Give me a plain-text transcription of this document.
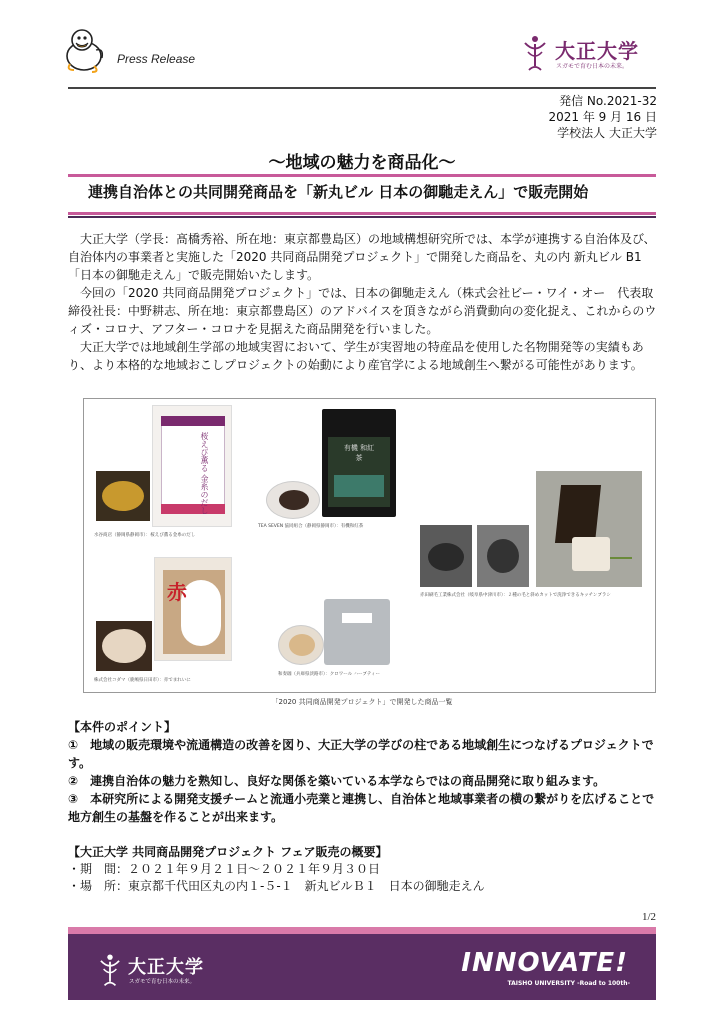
Press Release	大正大学
スガモで育む日本の未来。
発信 No.2021-32
2021 年 9 月 16 日
学校法人 大正大学
～地域の魅力を商品化～
連携自治体との共同開発商品を「新丸ビル 日本の御馳走えん」で販売開始

大正大学（学長：髙橋秀裕、所在地：東京都豊島区）の地域構想研究所では、本学が連携する自治体及び、自治体内の事業者と実施した「2020 共同商品開発プロジェクト」で開発した商品を、丸の内 新丸ビル B1「日本の御馳走えん」で販売開始いたします。

今回の「2020 共同商品開発プロジェクト」では、日本の御馳走えん（株式会社ビー・ワイ・オー　代表取締役社長：中野耕志、所在地：東京都豊島区）のアドバイスを頂きながら消費動向の変化捉え、これからのウィズ・コロナ、アフター・コロナを見据えた商品開発を行いました。

大正大学では地域創生学部の地域実習において、学生が実習地の特産品を使用した名物開発等の実績もあり、より本格的な地域おこしプロジェクトの始動により産官学による地域創生へ繋がる可能性があります。

桜えび薫る 金糸のだし
水谷商店（静岡県静岡市）：桜えび薫る金糸のだし
有機 和紅茶
TEA SEVEN 協同組合（静岡県静岡市）：有機和紅茶
赤田刷毛工業株式会社（岐阜県中津川市）：２種の毛と斜めカットで洗浄できるキッチンブラシ
赤
株式会社コダマ（鹿嶋県日田市）：赤でまれいに
和奏珈（兵庫県淡路市）：クロワール ハーブティー
「2020 共同商品開発プロジェクト」で開発した商品一覧
【本件のポイント】
①　地域の販売環境や流通構造の改善を図り、大正大学の学びの柱である地域創生につなげるプロジェクトです。
②　連携自治体の魅力を熟知し、良好な関係を築いている本学ならではの商品開発に取り組みます。
③　本研究所による開発支援チームと流通小売業と連携し、自治体と地域事業者の横の繋がりを広げることで地方創生の基盤を作ることが出来ます。
【大正大学 共同商品開発プロジェクト フェア販売の概要】
・期　間：２０２１年９月２１日～２０２１年９月３０日
・場　所：東京都千代田区丸の内１-５-１　新丸ビルＢ１　日本の御馳走えん
1/2
大正大学
スガモで育む日本の未来。
INNOVATE!
TAISHO UNIVERSITY -Road to 100th-
